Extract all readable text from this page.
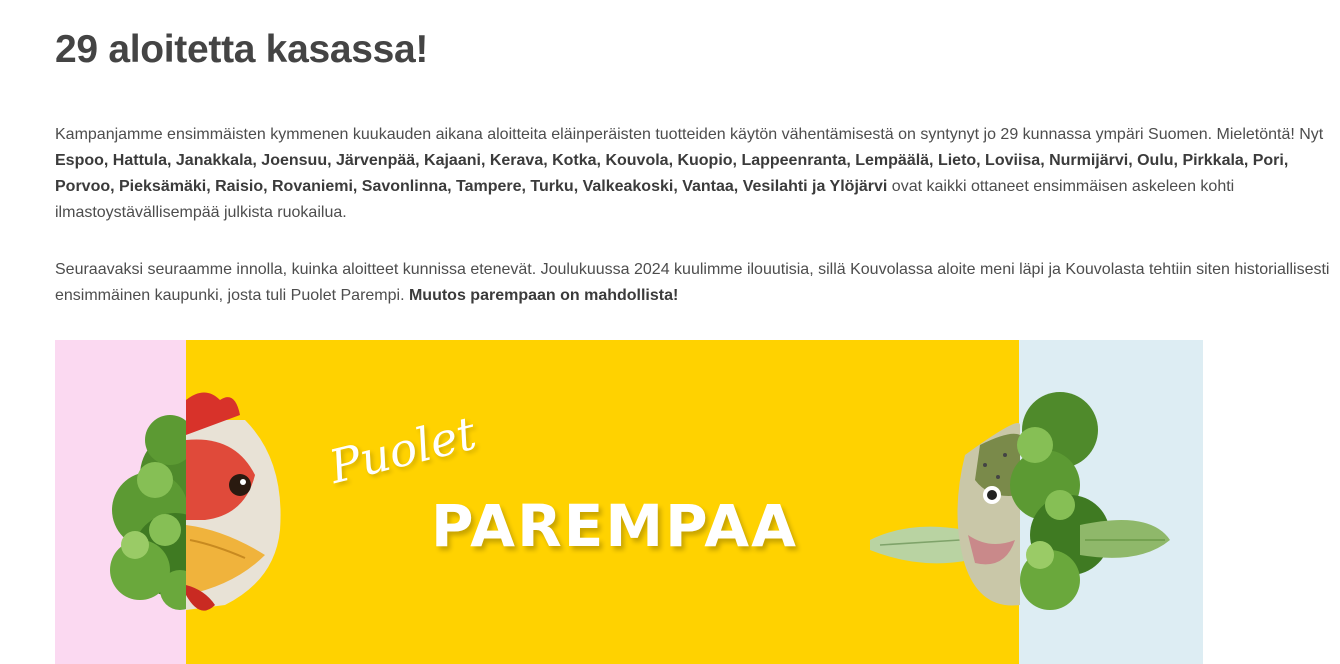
29 aloitetta kasassa!

Kampanjamme ensimmäisten kymmenen kuukauden aikana aloitteita eläinperäisten tuotteiden käytön vähentämisestä on syntynyt jo 29 kunnassa ympäri Suomen. Mieletöntä! Nyt Espoo, Hattula, Janakkala, Joensuu, Järvenpää, Kajaani, Kerava, Kotka, Kouvola, Kuopio, Lappeenranta, Lempäälä, Lieto, Loviisa, Nurmijärvi, Oulu, Pirkkala, Pori, Porvoo, Pieksämäki, Raisio, Rovaniemi, Savonlinna, Tampere, Turku, Valkeakoski, Vantaa, Vesilahti ja Ylöjärvi ovat kaikki ottaneet ensimmäisen askeleen kohti ilmastoystävällisempää julkista ruokailua.

Seuraavaksi seuraamme innolla, kuinka aloitteet kunnissa etenevät. Joulukuussa 2024 kuulimme ilouutisia, sillä Kouvolassa aloite meni läpi ja Kouvolasta tehtiin siten historiallisesti ensimmäinen kaupunki, josta tuli Puolet Parempi. Muutos parempaan on mahdollista!

Puolet
PAREMPAA
